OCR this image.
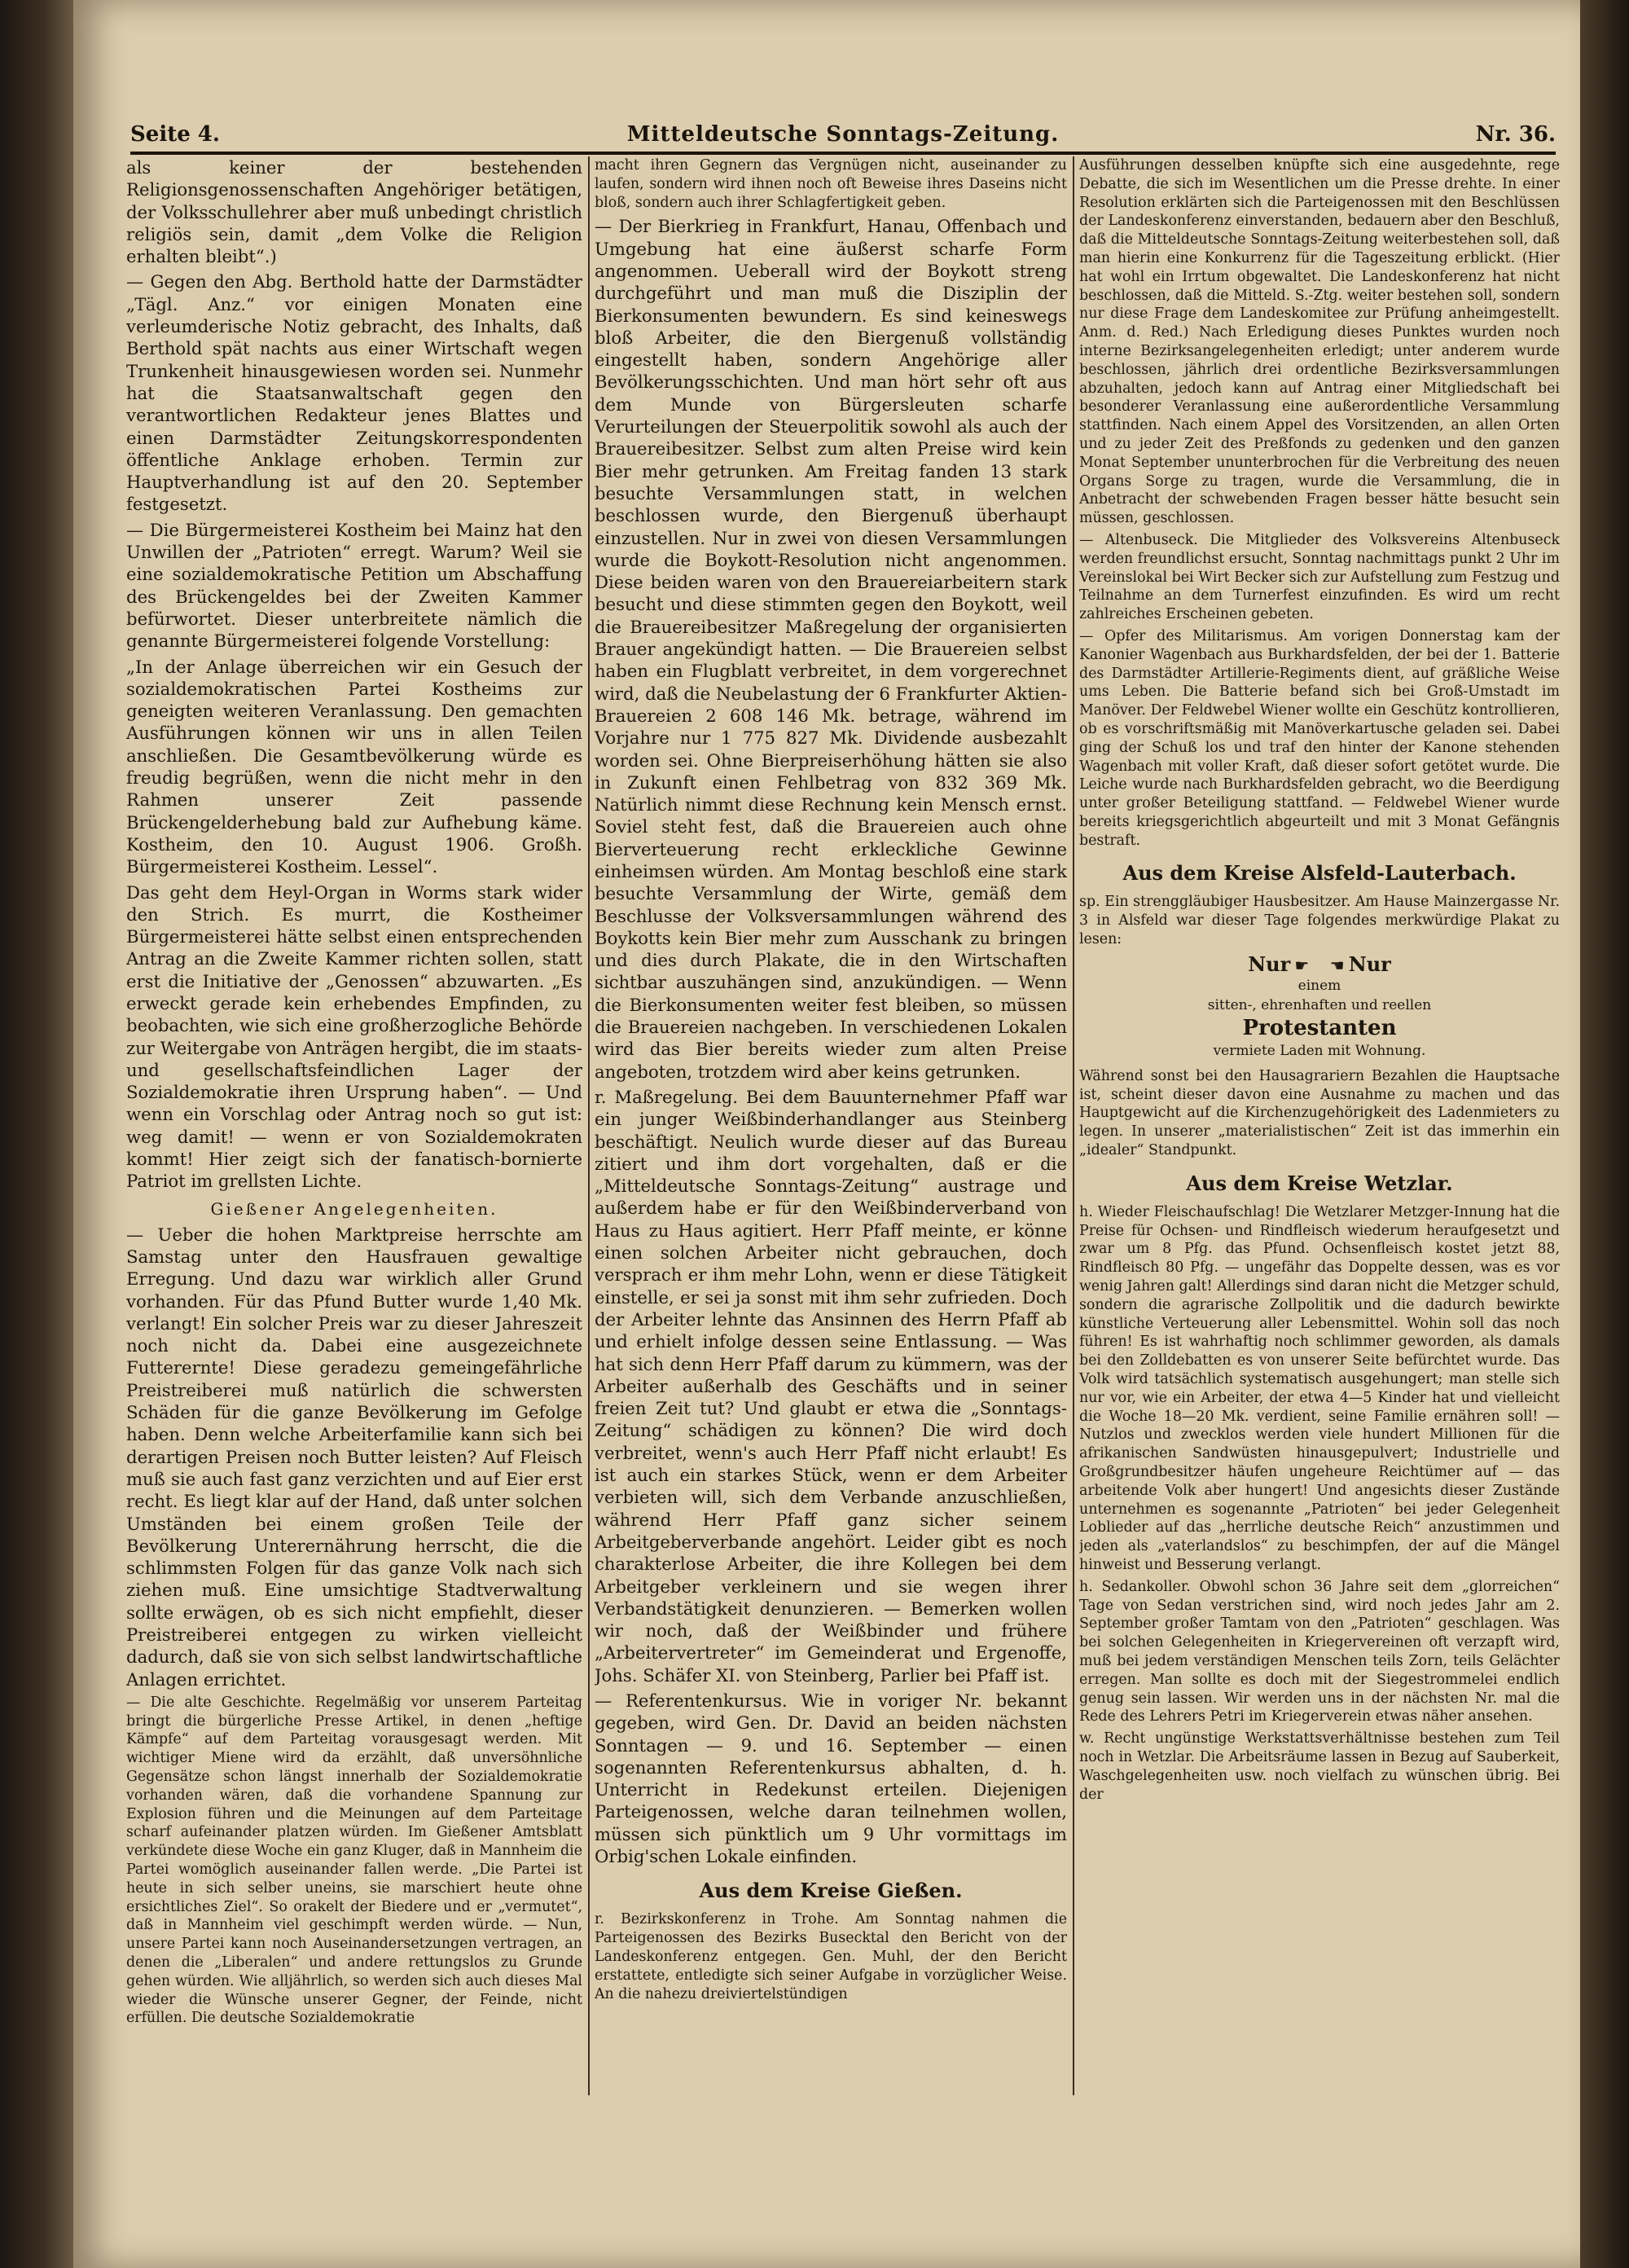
Seite 4.	Mitteldeutsche Sonntags-Zeitung.	Nr. 36.

als keiner der bestehenden Religionsgenossenschaften Angehöriger betätigen, der Volksschullehrer aber muß unbedingt christlich religiös sein, damit „dem Volke die Religion erhalten bleibt“.)

— Gegen den Abg. Berthold hatte der Darmstädter „Tägl. Anz.“ vor einigen Monaten eine verleumderische Notiz gebracht, des Inhalts, daß Berthold spät nachts aus einer Wirtschaft wegen Trunkenheit hinausgewiesen worden sei. Nunmehr hat die Staatsanwaltschaft gegen den verantwortlichen Redakteur jenes Blattes und einen Darmstädter Zeitungskorrespondenten öffentliche Anklage erhoben. Termin zur Hauptverhandlung ist auf den 20. September festgesetzt.

— Die Bürgermeisterei Kostheim bei Mainz hat den Unwillen der „Patrioten“ erregt. Warum? Weil sie eine sozialdemokratische Petition um Abschaffung des Brückengeldes bei der Zweiten Kammer befürwortet. Dieser unterbreitete nämlich die genannte Bürgermeisterei folgende Vorstellung:

„In der Anlage überreichen wir ein Gesuch der sozialdemokratischen Partei Kostheims zur geneigten weiteren Veranlassung. Den gemachten Ausführungen können wir uns in allen Teilen anschließen. Die Gesamtbevölkerung würde es freudig begrüßen, wenn die nicht mehr in den Rahmen unserer Zeit passende Brückengelderhebung bald zur Aufhebung käme. Kostheim, den 10. August 1906. Großh. Bürgermeisterei Kostheim. Lessel“.

Das geht dem Heyl-Organ in Worms stark wider den Strich. Es murrt, die Kostheimer Bürgermeisterei hätte selbst einen entsprechenden Antrag an die Zweite Kammer richten sollen, statt erst die Initiative der „Genossen“ abzuwarten. „Es erweckt gerade kein erhebendes Empfinden, zu beobachten, wie sich eine großherzogliche Behörde zur Weitergabe von Anträgen hergibt, die im staats- und gesellschaftsfeindlichen Lager der Sozialdemokratie ihren Ursprung haben“. — Und wenn ein Vorschlag oder Antrag noch so gut ist: weg damit! — wenn er von Sozialdemokraten kommt! Hier zeigt sich der fanatisch-bornierte Patriot im grellsten Lichte.

Gießener Angelegenheiten.

— Ueber die hohen Marktpreise herrschte am Samstag unter den Hausfrauen gewaltige Erregung. Und dazu war wirklich aller Grund vorhanden. Für das Pfund Butter wurde 1,40 Mk. verlangt! Ein solcher Preis war zu dieser Jahreszeit noch nicht da. Dabei eine ausgezeichnete Futterernte! Diese geradezu gemeingefährliche Preistreiberei muß natürlich die schwersten Schäden für die ganze Bevölkerung im Gefolge haben. Denn welche Arbeiterfamilie kann sich bei derartigen Preisen noch Butter leisten? Auf Fleisch muß sie auch fast ganz verzichten und auf Eier erst recht. Es liegt klar auf der Hand, daß unter solchen Umständen bei einem großen Teile der Bevölkerung Unterernährung herrscht, die die schlimmsten Folgen für das ganze Volk nach sich ziehen muß. Eine umsichtige Stadtverwaltung sollte erwägen, ob es sich nicht empfiehlt, dieser Preistreiberei entgegen zu wirken vielleicht dadurch, daß sie von sich selbst landwirtschaftliche Anlagen errichtet.

— Die alte Geschichte. Regelmäßig vor unserem Parteitag bringt die bürgerliche Presse Artikel, in denen „heftige Kämpfe“ auf dem Parteitag vorausgesagt werden. Mit wichtiger Miene wird da erzählt, daß unversöhnliche Gegensätze schon längst innerhalb der Sozialdemokratie vorhanden wären, daß die vorhandene Spannung zur Explosion führen und die Meinungen auf dem Parteitage scharf aufeinander platzen würden. Im Gießener Amtsblatt verkündete diese Woche ein ganz Kluger, daß in Mannheim die Partei womöglich auseinander fallen werde. „Die Partei ist heute in sich selber uneins, sie marschiert heute ohne ersichtliches Ziel“. So orakelt der Biedere und er „vermutet“, daß in Mannheim viel geschimpft werden würde. — Nun, unsere Partei kann noch Auseinandersetzungen vertragen, an denen die „Liberalen“ und andere rettungslos zu Grunde gehen würden. Wie alljährlich, so werden sich auch dieses Mal wieder die Wünsche unserer Gegner, der Feinde, nicht erfüllen. Die deutsche Sozialdemokratie

macht ihren Gegnern das Vergnügen nicht, auseinander zu laufen, sondern wird ihnen noch oft Beweise ihres Daseins nicht bloß, sondern auch ihrer Schlagfertigkeit geben.

— Der Bierkrieg in Frankfurt, Hanau, Offenbach und Umgebung hat eine äußerst scharfe Form angenommen. Ueberall wird der Boykott streng durchgeführt und man muß die Disziplin der Bierkonsumenten bewundern. Es sind keineswegs bloß Arbeiter, die den Biergenuß vollständig eingestellt haben, sondern Angehörige aller Bevölkerungsschichten. Und man hört sehr oft aus dem Munde von Bürgersleuten scharfe Verurteilungen der Steuerpolitik sowohl als auch der Brauereibesitzer. Selbst zum alten Preise wird kein Bier mehr getrunken. Am Freitag fanden 13 stark besuchte Versammlungen statt, in welchen beschlossen wurde, den Biergenuß überhaupt einzustellen. Nur in zwei von diesen Versammlungen wurde die Boykott-Resolution nicht angenommen. Diese beiden waren von den Brauereiarbeitern stark besucht und diese stimmten gegen den Boykott, weil die Brauereibesitzer Maßregelung der organisierten Brauer angekündigt hatten. — Die Brauereien selbst haben ein Flugblatt verbreitet, in dem vorgerechnet wird, daß die Neubelastung der 6 Frankfurter Aktien-Brauereien 2 608 146 Mk. betrage, während im Vorjahre nur 1 775 827 Mk. Dividende ausbezahlt worden sei. Ohne Bierpreiserhöhung hätten sie also in Zukunft einen Fehlbetrag von 832 369 Mk. Natürlich nimmt diese Rechnung kein Mensch ernst. Soviel steht fest, daß die Brauereien auch ohne Bierverteuerung recht erkleckliche Gewinne einheimsen würden. Am Montag beschloß eine stark besuchte Versammlung der Wirte, gemäß dem Beschlusse der Volksversammlungen während des Boykotts kein Bier mehr zum Ausschank zu bringen und dies durch Plakate, die in den Wirtschaften sichtbar auszuhängen sind, anzukündigen. — Wenn die Bierkonsumenten weiter fest bleiben, so müssen die Brauereien nachgeben. In verschiedenen Lokalen wird das Bier bereits wieder zum alten Preise angeboten, trotzdem wird aber keins getrunken.

r. Maßregelung. Bei dem Bauunternehmer Pfaff war ein junger Weißbinderhandlanger aus Steinberg beschäftigt. Neulich wurde dieser auf das Bureau zitiert und ihm dort vorgehalten, daß er die „Mitteldeutsche Sonntags-Zeitung“ austrage und außerdem habe er für den Weißbinderverband von Haus zu Haus agitiert. Herr Pfaff meinte, er könne einen solchen Arbeiter nicht gebrauchen, doch versprach er ihm mehr Lohn, wenn er diese Tätigkeit einstelle, er sei ja sonst mit ihm sehr zufrieden. Doch der Arbeiter lehnte das Ansinnen des Herrn Pfaff ab und erhielt infolge dessen seine Entlassung. — Was hat sich denn Herr Pfaff darum zu kümmern, was der Arbeiter außerhalb des Geschäfts und in seiner freien Zeit tut? Und glaubt er etwa die „Sonntags-Zeitung“ schädigen zu können? Die wird doch verbreitet, wenn's auch Herr Pfaff nicht erlaubt! Es ist auch ein starkes Stück, wenn er dem Arbeiter verbieten will, sich dem Verbande anzuschließen, während Herr Pfaff ganz sicher seinem Arbeitgeberverbande angehört. Leider gibt es noch charakterlose Arbeiter, die ihre Kollegen bei dem Arbeitgeber verkleinern und sie wegen ihrer Verbandstätigkeit denunzieren. — Bemerken wollen wir noch, daß der Weißbinder und frühere „Arbeitervertreter“ im Gemeinderat und Ergenoffe, Johs. Schäfer XI. von Steinberg, Parlier bei Pfaff ist.

— Referentenkursus. Wie in voriger Nr. bekannt gegeben, wird Gen. Dr. David an beiden nächsten Sonntagen — 9. und 16. September — einen sogenannten Referentenkursus abhalten, d. h. Unterricht in Redekunst erteilen. Diejenigen Parteigenossen, welche daran teilnehmen wollen, müssen sich pünktlich um 9 Uhr vormittags im Orbig'schen Lokale einfinden.

Aus dem Kreise Gießen.

r. Bezirkskonferenz in Trohe. Am Sonntag nahmen die Parteigenossen des Bezirks Busecktal den Bericht von der Landeskonferenz entgegen. Gen. Muhl, der den Bericht erstattete, entledigte sich seiner Aufgabe in vorzüglicher Weise. An die nahezu dreiviertelstündigen

Ausführungen desselben knüpfte sich eine ausgedehnte, rege Debatte, die sich im Wesentlichen um die Presse drehte. In einer Resolution erklärten sich die Parteigenossen mit den Beschlüssen der Landeskonferenz einverstanden, bedauern aber den Beschluß, daß die Mitteldeutsche Sonntags-Zeitung weiterbestehen soll, daß man hierin eine Konkurrenz für die Tageszeitung erblickt. (Hier hat wohl ein Irrtum obgewaltet. Die Landeskonferenz hat nicht beschlossen, daß die Mitteld. S.-Ztg. weiter bestehen soll, sondern nur diese Frage dem Landeskomitee zur Prüfung anheimgestellt. Anm. d. Red.) Nach Erledigung dieses Punktes wurden noch interne Bezirksangelegenheiten erledigt; unter anderem wurde beschlossen, jährlich drei ordentliche Bezirksversammlungen abzuhalten, jedoch kann auf Antrag einer Mitgliedschaft bei besonderer Veranlassung eine außerordentliche Versammlung stattfinden. Nach einem Appel des Vorsitzenden, an allen Orten und zu jeder Zeit des Preßfonds zu gedenken und den ganzen Monat September ununterbrochen für die Verbreitung des neuen Organs Sorge zu tragen, wurde die Versammlung, die in Anbetracht der schwebenden Fragen besser hätte besucht sein müssen, geschlossen.

— Altenbuseck. Die Mitglieder des Volksvereins Altenbuseck werden freundlichst ersucht, Sonntag nachmittags punkt 2 Uhr im Vereinslokal bei Wirt Becker sich zur Aufstellung zum Festzug und Teilnahme an dem Turnerfest einzufinden. Es wird um recht zahlreiches Erscheinen gebeten.

— Opfer des Militarismus. Am vorigen Donnerstag kam der Kanonier Wagenbach aus Burkhardsfelden, der bei der 1. Batterie des Darmstädter Artillerie-Regiments dient, auf gräßliche Weise ums Leben. Die Batterie befand sich bei Groß-Umstadt im Manöver. Der Feldwebel Wiener wollte ein Geschütz kontrollieren, ob es vorschriftsmäßig mit Manöverkartusche geladen sei. Dabei ging der Schuß los und traf den hinter der Kanone stehenden Wagenbach mit voller Kraft, daß dieser sofort getötet wurde. Die Leiche wurde nach Burkhardsfelden gebracht, wo die Beerdigung unter großer Beteiligung stattfand. — Feldwebel Wiener wurde bereits kriegsgerichtlich abgeurteilt und mit 3 Monat Gefängnis bestraft.

Aus dem Kreise Alsfeld-Lauterbach.

sp. Ein strenggläubiger Hausbesitzer. Am Hause Mainzergasse Nr. 3 in Alsfeld war dieser Tage folgendes merkwürdige Plakat zu lesen:

Nur ☛ ☚ Nur
einem
sitten-, ehrenhaften und reellen
Protestanten
vermiete Laden mit Wohnung.

Während sonst bei den Hausagrariern Bezahlen die Hauptsache ist, scheint dieser davon eine Ausnahme zu machen und das Hauptgewicht auf die Kirchenzugehörigkeit des Ladenmieters zu legen. In unserer „materialistischen“ Zeit ist das immerhin ein „idealer“ Standpunkt.

Aus dem Kreise Wetzlar.

h. Wieder Fleischaufschlag! Die Wetzlarer Metzger-Innung hat die Preise für Ochsen- und Rindfleisch wiederum heraufgesetzt und zwar um 8 Pfg. das Pfund. Ochsenfleisch kostet jetzt 88, Rindfleisch 80 Pfg. — ungefähr das Doppelte dessen, was es vor wenig Jahren galt! Allerdings sind daran nicht die Metzger schuld, sondern die agrarische Zollpolitik und die dadurch bewirkte künstliche Verteuerung aller Lebensmittel. Wohin soll das noch führen! Es ist wahrhaftig noch schlimmer geworden, als damals bei den Zolldebatten es von unserer Seite befürchtet wurde. Das Volk wird tatsächlich systematisch ausgehungert; man stelle sich nur vor, wie ein Arbeiter, der etwa 4—5 Kinder hat und vielleicht die Woche 18—20 Mk. verdient, seine Familie ernähren soll! — Nutzlos und zwecklos werden viele hundert Millionen für die afrikanischen Sandwüsten hinausgepulvert; Industrielle und Großgrundbesitzer häufen ungeheure Reichtümer auf — das arbeitende Volk aber hungert! Und angesichts dieser Zustände unternehmen es sogenannte „Patrioten“ bei jeder Gelegenheit Loblieder auf das „herrliche deutsche Reich“ anzustimmen und jeden als „vaterlandslos“ zu beschimpfen, der auf die Mängel hinweist und Besserung verlangt.

h. Sedankoller. Obwohl schon 36 Jahre seit dem „glorreichen“ Tage von Sedan verstrichen sind, wird noch jedes Jahr am 2. September großer Tamtam von den „Patrioten“ geschlagen. Was bei solchen Gelegenheiten in Kriegervereinen oft verzapft wird, muß bei jedem verständigen Menschen teils Zorn, teils Gelächter erregen. Man sollte es doch mit der Siegestrommelei endlich genug sein lassen. Wir werden uns in der nächsten Nr. mal die Rede des Lehrers Petri im Kriegerverein etwas näher ansehen.

w. Recht ungünstige Werkstattsverhältnisse bestehen zum Teil noch in Wetzlar. Die Arbeitsräume lassen in Bezug auf Sauberkeit, Waschgelegenheiten usw. noch vielfach zu wünschen übrig. Bei der
